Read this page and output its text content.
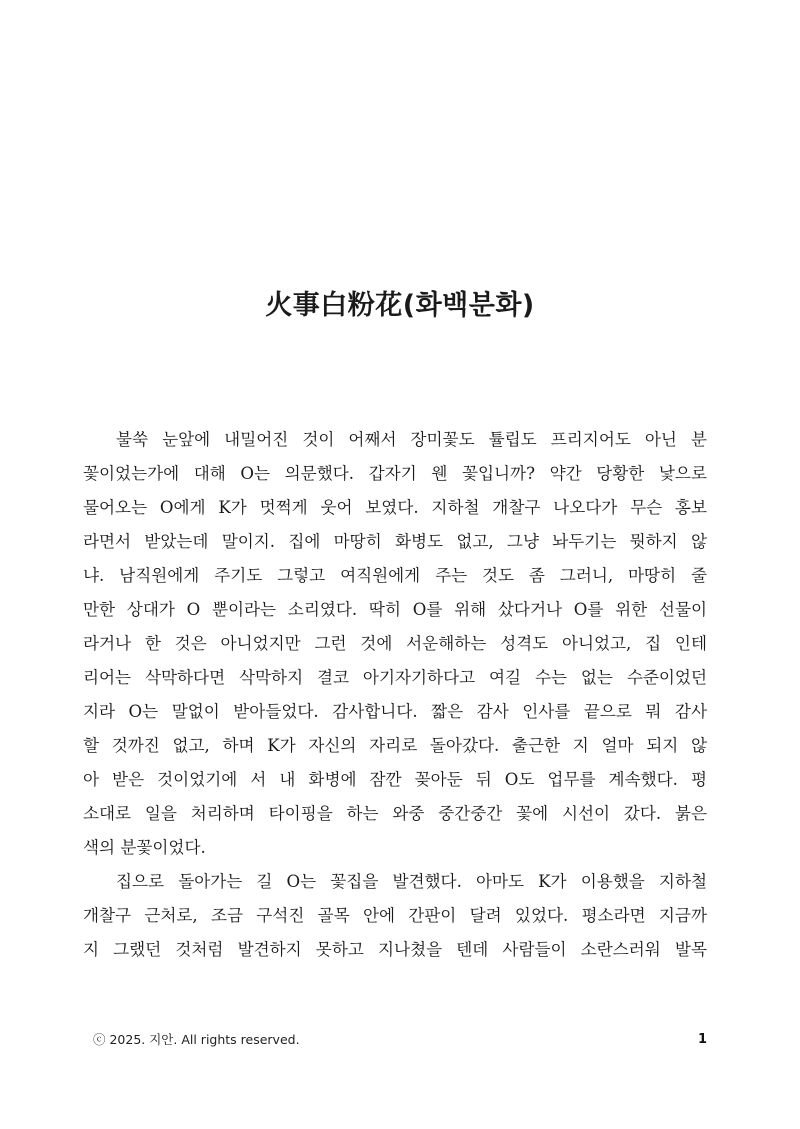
火事白粉花(화백분화)
불쑥 눈앞에 내밀어진 것이 어째서 장미꽃도 튤립도 프리지어도 아닌 분
꽃이었는가에 대해 O는 의문했다. 갑자기 웬 꽃입니까? 약간 당황한 낯으로
물어오는 O에게 K가 멋쩍게 웃어 보였다. 지하철 개찰구 나오다가 무슨 홍보
라면서 받았는데 말이지. 집에 마땅히 화병도 없고, 그냥 놔두기는 뭣하지 않
냐. 남직원에게 주기도 그렇고 여직원에게 주는 것도 좀 그러니, 마땅히 줄
만한 상대가 O 뿐이라는 소리였다. 딱히 O를 위해 샀다거나 O를 위한 선물이
라거나 한 것은 아니었지만 그런 것에 서운해하는 성격도 아니었고, 집 인테
리어는 삭막하다면 삭막하지 결코 아기자기하다고 여길 수는 없는 수준이었던
지라 O는 말없이 받아들었다. 감사합니다. 짧은 감사 인사를 끝으로 뭐 감사
할 것까진 없고, 하며 K가 자신의 자리로 돌아갔다. 출근한 지 얼마 되지 않
아 받은 것이었기에 서 내 화병에 잠깐 꽂아둔 뒤 O도 업무를 계속했다. 평
소대로 일을 처리하며 타이핑을 하는 와중 중간중간 꽃에 시선이 갔다. 붉은
색의 분꽃이었다.
집으로 돌아가는 길 O는 꽃집을 발견했다. 아마도 K가 이용했을 지하철
개찰구 근처로, 조금 구석진 골목 안에 간판이 달려 있었다. 평소라면 지금까
지 그랬던 것처럼 발견하지 못하고 지나쳤을 텐데 사람들이 소란스러워 발목
ⓒ 2025. 지안. All rights reserved.	1
